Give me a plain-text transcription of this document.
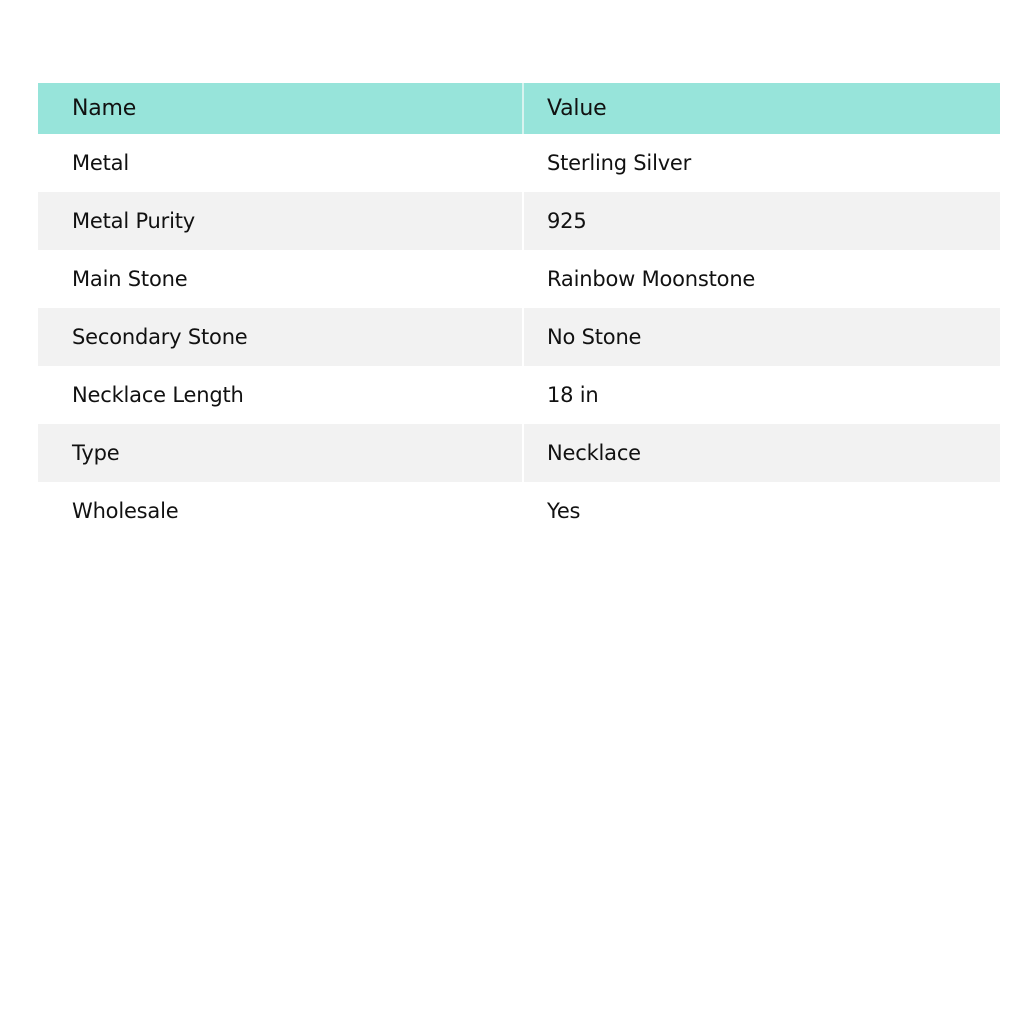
Name	Value
Metal	Sterling Silver
Metal Purity	925
Main Stone	Rainbow Moonstone
Secondary Stone	No Stone
Necklace Length	18 in
Type	Necklace
Wholesale	Yes
